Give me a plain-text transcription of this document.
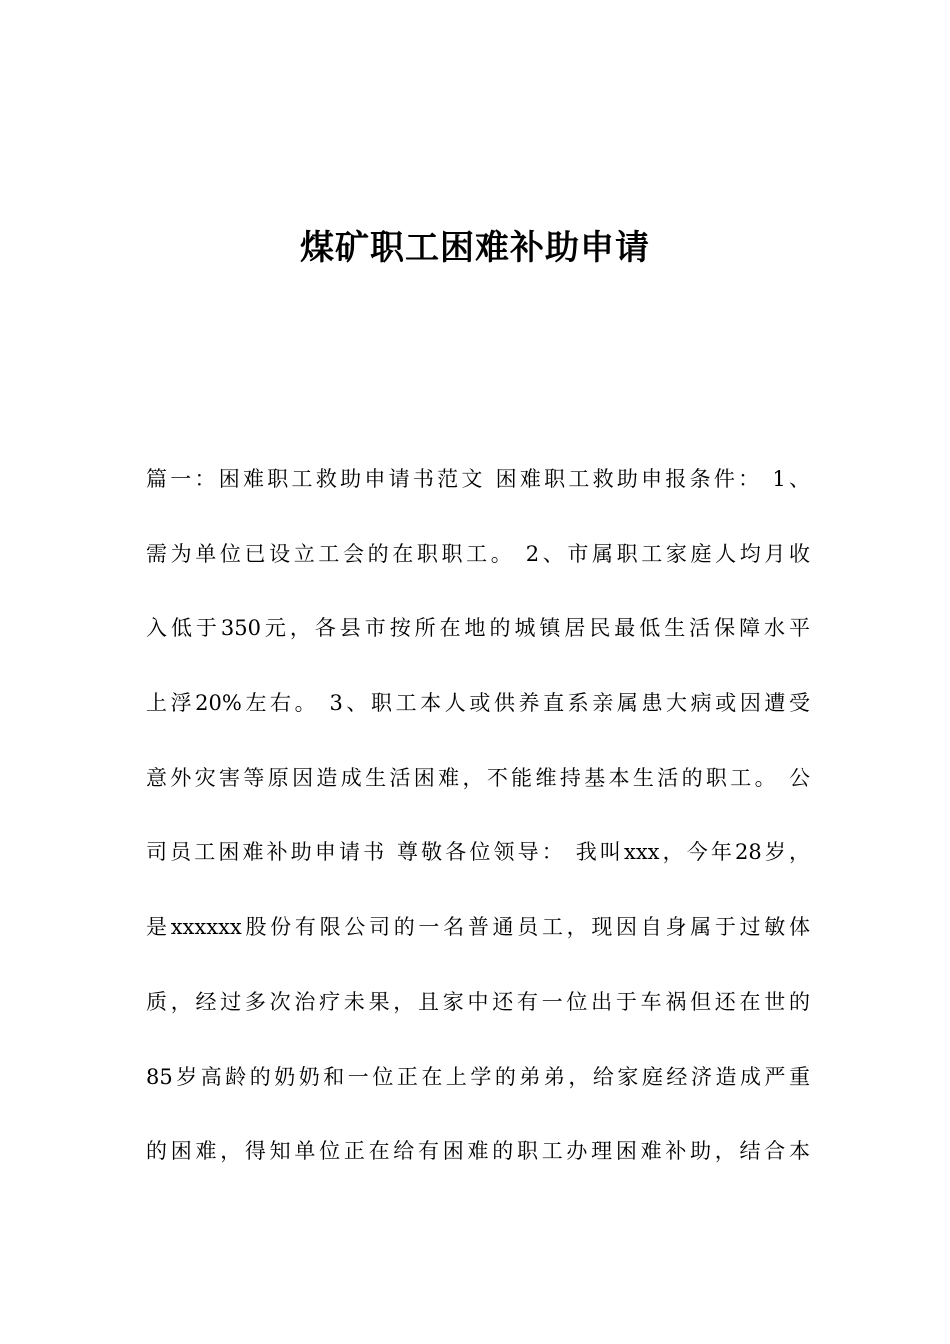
煤矿职工困难补助申请
篇一：困难职工救助申请书范文 困难职工救助申报条件： 1、
需为单位已设立工会的在职职工。 2、市属职工家庭人均月收
入低于350元，各县市按所在地的城镇居民最低生活保障水平
上浮20%左右。 3、职工本人或供养直系亲属患大病或因遭受
意外灾害等原因造成生活困难，不能维持基本生活的职工。 公
司员工困难补助申请书 尊敬各位领导： 我叫xxx，今年28岁，
是xxxxxx股份有限公司的一名普通员工，现因自身属于过敏体
质，经过多次治疗未果，且家中还有一位出于车祸但还在世的
85岁高龄的奶奶和一位正在上学的弟弟，给家庭经济造成严重
的困难，得知单位正在给有困难的职工办理困难补助，结合本
